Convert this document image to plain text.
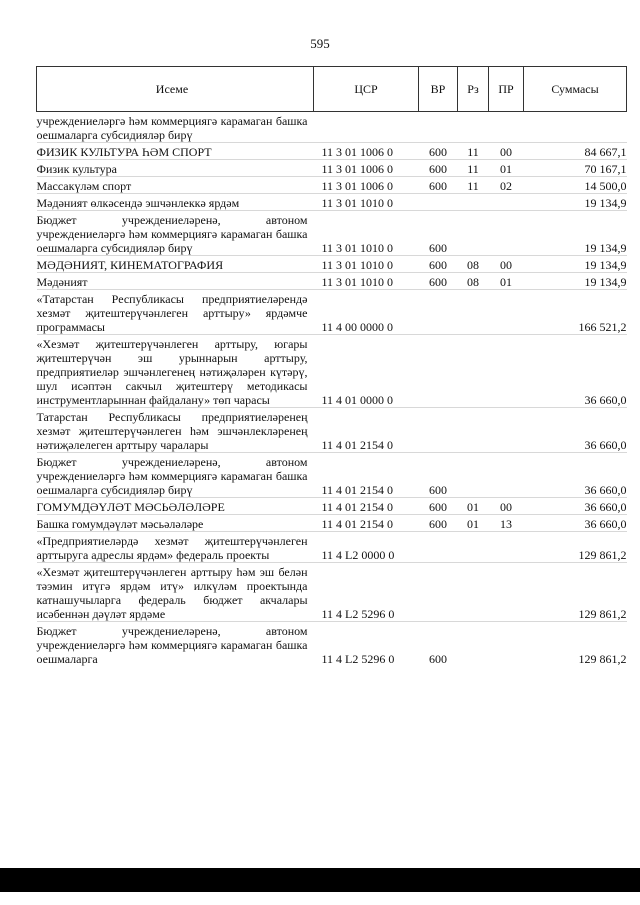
595
Исеме	ЦСР	ВР	Рз	ПР	Суммасы
учреждениеләргә һәм коммерциягә карамаган башка оешмаларга субсидияләр бирү					
ФИЗИК КУЛЬТУРА ҺӘМ СПОРТ	11 3 01 1006 0	600	11	00	84 667,1
Физик культура	11 3 01 1006 0	600	11	01	70 167,1
Массакүләм спорт	11 3 01 1006 0	600	11	02	14 500,0
Мәдәният өлкәсендә эшчәнлеккә ярдәм	11 3 01 1010 0				19 134,9
Бюджет учреждениеләренә, автоном учреждениеләргә һәм коммерциягә карамаган башка оешмаларга субсидияләр бирү	11 3 01 1010 0	600			19 134,9
МӘДӘНИЯТ, КИНЕМАТОГРАФИЯ	11 3 01 1010 0	600	08	00	19 134,9
Мәдәният	11 3 01 1010 0	600	08	01	19 134,9
«Татарстан Республикасы предприятиеләрендә хезмәт җитештерүчәнлеген арттыру» ярдәмче программасы	11 4 00 0000 0				166 521,2
«Хезмәт җитештерүчәнлеген арттыру, югары җитештерүчән эш урыннарын арттыру, предприятиеләр эшчәнлегенең нәтиҗәләрен күтәрү, шул исәптән сакчыл җитештерү методикасы инструментларыннан файдалану» төп чарасы	11 4 01 0000 0				36 660,0
Татарстан Республикасы предприятиеләренең хезмәт җитештерүчәнлеген һәм эшчәнлекләренең нәтиҗәлелеген арттыру чаралары	11 4 01 2154 0				36 660,0
Бюджет учреждениеләренә, автоном учреждениеләргә һәм коммерциягә карамаган башка оешмаларга субсидияләр бирү	11 4 01 2154 0	600			36 660,0
ГОМУМДӘҮЛӘТ МӘСЬӘЛӘЛӘРЕ	11 4 01 2154 0	600	01	00	36 660,0
Башка гомумдәүләт мәсьәләләре	11 4 01 2154 0	600	01	13	36 660,0
«Предприятиеләрдә хезмәт җитештерүчәнлеген арттыруга адреслы ярдәм» федераль проекты	11 4 L2 0000 0				129 861,2
«Хезмәт җитештерүчәнлеген арттыру һәм эш белән тәэмин итүгә ярдәм итү» илкүләм проектында катнашучыларга федераль бюджет акчалары исәбеннән дәүләт ярдәме	11 4 L2 5296 0				129 861,2
Бюджет учреждениеләренә, автоном учреждениеләргә һәм коммерциягә карамаган башка оешмаларга	11 4 L2 5296 0	600			129 861,2
